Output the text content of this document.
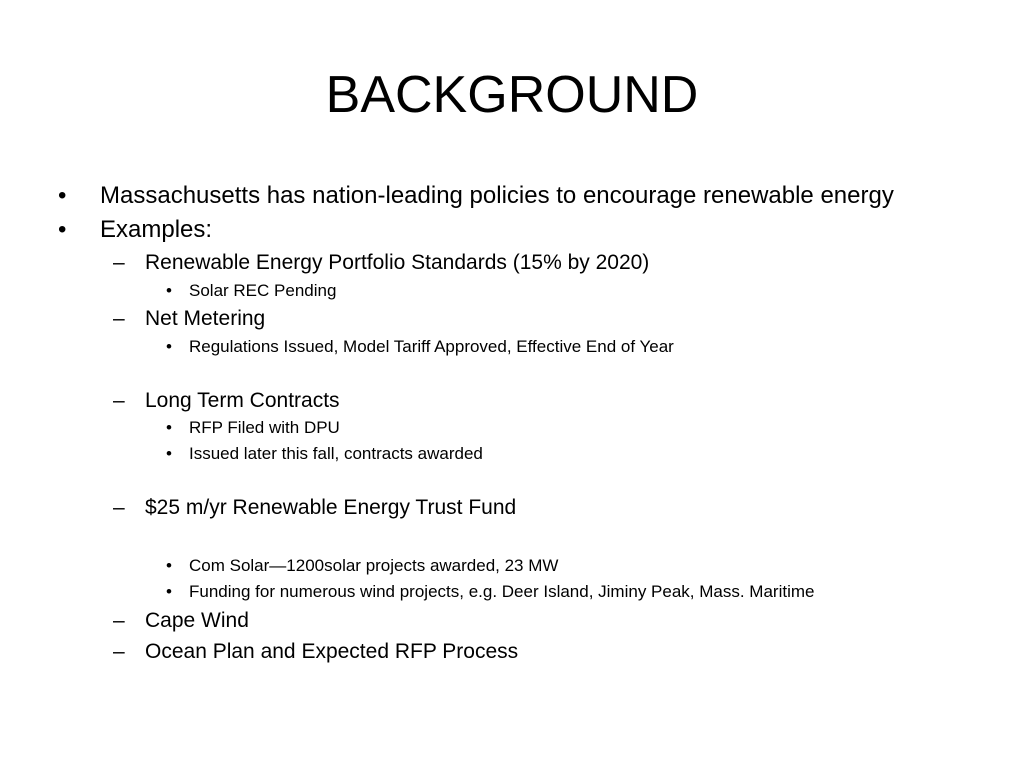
BACKGROUND
• Massachusetts has nation-leading policies to encourage renewable energy
• Examples:
– Renewable Energy Portfolio Standards (15% by 2020)
• Solar REC Pending
– Net Metering
• Regulations Issued, Model Tariff Approved, Effective End of Year
– Long Term Contracts
• RFP Filed with DPU
• Issued later this fall, contracts awarded
– $25 m/yr Renewable Energy Trust Fund
• Com Solar—1200solar projects awarded, 23 MW
• Funding for numerous wind projects, e.g. Deer Island, Jiminy Peak, Mass. Maritime
– Cape Wind
– Ocean Plan and Expected RFP Process
